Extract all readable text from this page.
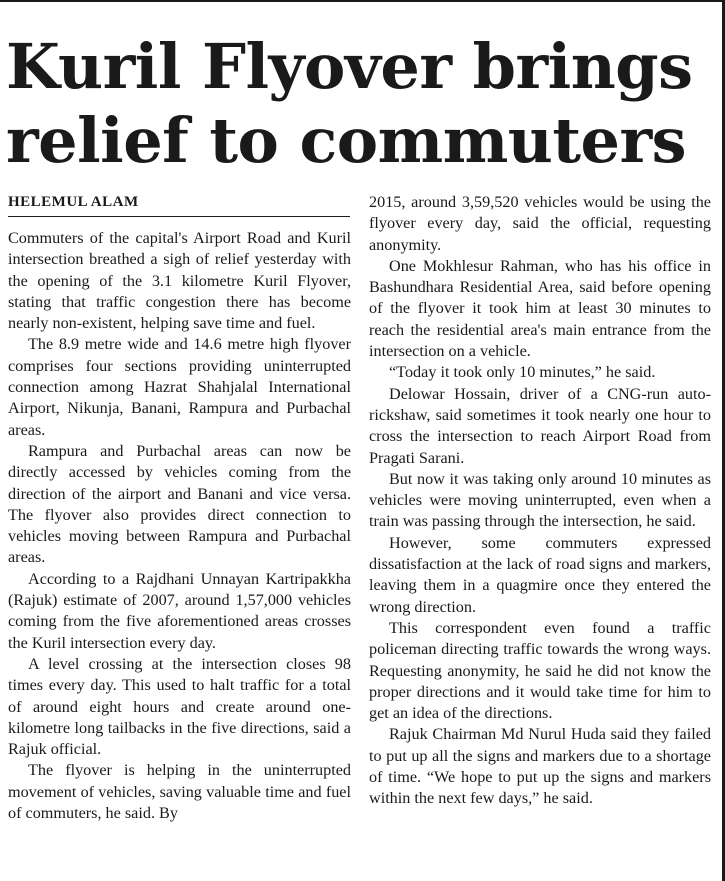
Kuril Flyover brings relief to commuters
HELEMUL ALAM

Commuters of the capital's Airport Road and Kuril intersection breathed a sigh of relief yesterday with the opening of the 3.1 kilometre Kuril Flyover, stating that traffic congestion there has become nearly non-existent, helping save time and fuel.

The 8.9 metre wide and 14.6 metre high flyover comprises four sections providing uninterrupted connection among Hazrat Shahjalal International Airport, Nikunja, Banani, Rampura and Purbachal areas.

Rampura and Purbachal areas can now be directly accessed by vehicles coming from the direction of the airport and Banani and vice versa. The flyover also provides direct connection to vehicles moving between Rampura and Purbachal areas.

According to a Rajdhani Unnayan Kartripakkha (Rajuk) estimate of 2007, around 1,57,000 vehicles coming from the five aforementioned areas crosses the Kuril intersection every day.

A level crossing at the intersection closes 98 times every day. This used to halt traffic for a total of around eight hours and create around one-kilometre long tailbacks in the five directions, said a Rajuk official.

The flyover is helping in the uninterrupted movement of vehicles, saving valuable time and fuel of commuters, he said. By

2015, around 3,59,520 vehicles would be using the flyover every day, said the official, requesting anonymity.

One Mokhlesur Rahman, who has his office in Bashundhara Residential Area, said before opening of the flyover it took him at least 30 minutes to reach the residential area's main entrance from the intersection on a vehicle.

“Today it took only 10 minutes,” he said.

Delowar Hossain, driver of a CNG-run auto-rickshaw, said sometimes it took nearly one hour to cross the intersection to reach Airport Road from Pragati Sarani.

But now it was taking only around 10 minutes as vehicles were moving uninterrupted, even when a train was passing through the intersection, he said.

However, some commuters expressed dissatisfaction at the lack of road signs and markers, leaving them in a quagmire once they entered the wrong direction.

This correspondent even found a traffic policeman directing traffic towards the wrong ways. Requesting anonymity, he said he did not know the proper directions and it would take time for him to get an idea of the directions.

Rajuk Chairman Md Nurul Huda said they failed to put up all the signs and markers due to a shortage of time. “We hope to put up the signs and markers within the next few days,” he said.
